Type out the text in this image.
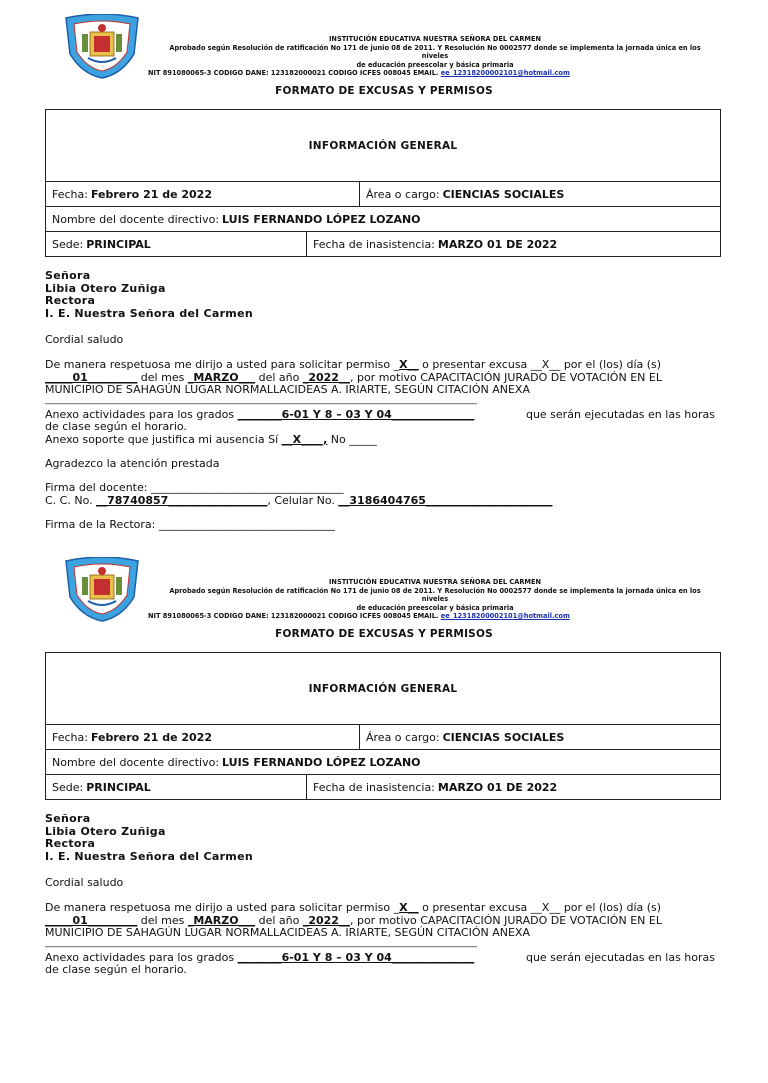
INSTITUCIÓN EDUCATIVA NUESTRA SEÑORA DEL CARMEN
Aprobado según Resolución de ratificación No 171 de junio 08 de 2011. Y Resolución No 0002577 donde se implementa la jornada única en los
niveles
de educación preescolar y básica primaria
NIT 891080065-3 CODIGO DANE: 123182000021 CODIGO ICFES 008045 EMAIL. ee_12318200002101@hotmail.com
FORMATO DE EXCUSAS Y PERMISOS
INFORMACIÓN GENERAL
Fecha: Febrero 21 de 2022	Área o cargo: CIENCIAS SOCIALES
Nombre del docente directivo: LUIS FERNANDO LÓPEZ LOZANO
Sede: PRINCIPAL	Fecha de inasistencia: MARZO 01 DE 2022
Señora
Libia Otero Zuñiga
Rectora
I. E. Nuestra Señora del Carmen
Cordial saludo
De manera respetuosa me dirijo a usted para solicitar permiso _X__ o presentar excusa __X__ por el (los) día (s)
_____01_________ del mes _MARZO___ del año _2022__, por motivo CAPACITACIÓN JURADO DE VOTACIÓN EN EL
MUNICIPIO DE SAHAGÚN LUGAR NORMALLACIDEAS A. IRIARTE, SEGÚN CITACIÓN ANEXA
________________________________________________________________________________________________
Anexo actividades para los grados ________6-01 Y 8 – 03 Y 04_______________	que serán ejecutadas en las horas
de clase según el horario.
Anexo soporte que justifica mi ausencia Sí __X____, No _____
Agradezco la atención prestada
Firma del docente: ___________________________________
C. C. No. __78740857__________________, Celular No. __3186404765_______________________
Firma de la Rectora: ________________________________
INSTITUCIÓN EDUCATIVA NUESTRA SEÑORA DEL CARMEN
Aprobado según Resolución de ratificación No 171 de junio 08 de 2011. Y Resolución No 0002577 donde se implementa la jornada única en los
niveles
de educación preescolar y básica primaria
NIT 891080065-3 CODIGO DANE: 123182000021 CODIGO ICFES 008045 EMAIL. ee_12318200002101@hotmail.com
FORMATO DE EXCUSAS Y PERMISOS
INFORMACIÓN GENERAL
Fecha: Febrero 21 de 2022	Área o cargo: CIENCIAS SOCIALES
Nombre del docente directivo: LUIS FERNANDO LÓPEZ LOZANO
Sede: PRINCIPAL	Fecha de inasistencia: MARZO 01 DE 2022
Señora
Libia Otero Zuñiga
Rectora
I. E. Nuestra Señora del Carmen
Cordial saludo
De manera respetuosa me dirijo a usted para solicitar permiso _X__ o presentar excusa __X__ por el (los) día (s)
_____01_________ del mes _MARZO___ del año _2022__, por motivo CAPACITACIÓN JURADO DE VOTACIÓN EN EL
MUNICIPIO DE SAHAGÚN LUGAR NORMALLACIDEAS A. IRIARTE, SEGÚN CITACIÓN ANEXA
________________________________________________________________________________________________
Anexo actividades para los grados ________6-01 Y 8 – 03 Y 04_______________	que serán ejecutadas en las horas
de clase según el horario.
